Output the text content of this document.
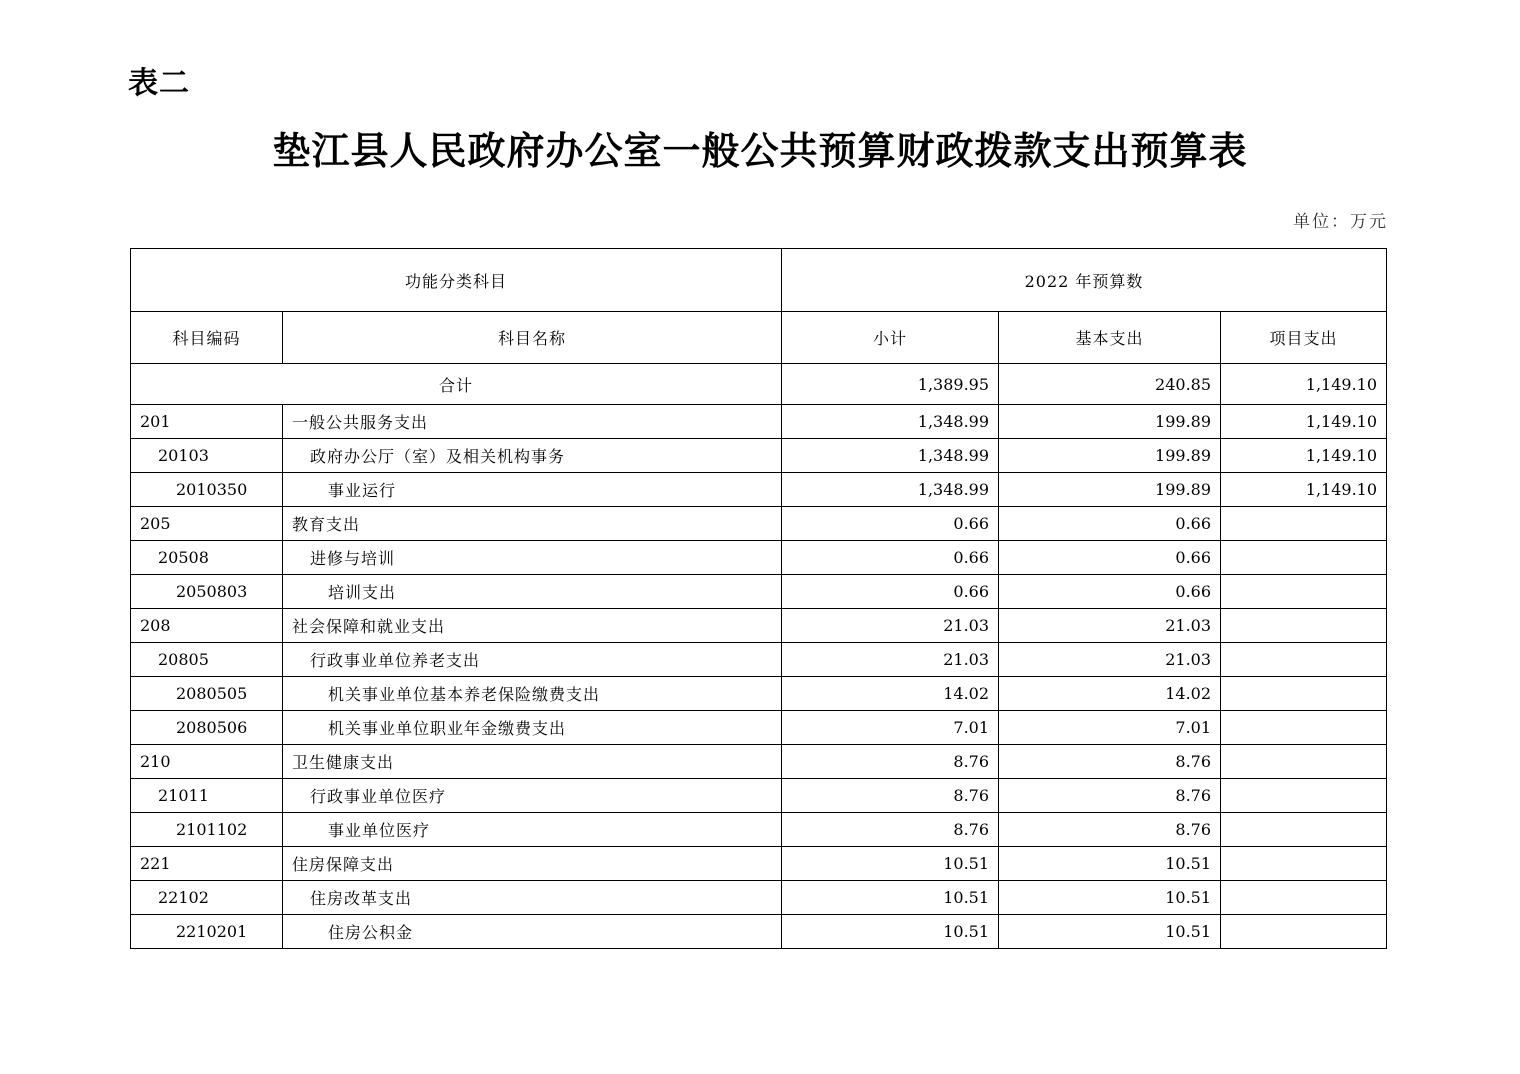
表二
垫江县人民政府办公室一般公共预算财政拨款支出预算表
单位：万元
功能分类科目		2022 年预算数		
科目编码	科目名称	小计	基本支出	项目支出
合计		1,389.95	240.85	1,149.10
201	一般公共服务支出	1,348.99	199.89	1,149.10
20103	政府办公厅（室）及相关机构事务	1,348.99	199.89	1,149.10
2010350	事业运行	1,348.99	199.89	1,149.10
205	教育支出	0.66	0.66	
20508	进修与培训	0.66	0.66	
2050803	培训支出	0.66	0.66	
208	社会保障和就业支出	21.03	21.03	
20805	行政事业单位养老支出	21.03	21.03	
2080505	机关事业单位基本养老保险缴费支出	14.02	14.02	
2080506	机关事业单位职业年金缴费支出	7.01	7.01	
210	卫生健康支出	8.76	8.76	
21011	行政事业单位医疗	8.76	8.76	
2101102	事业单位医疗	8.76	8.76	
221	住房保障支出	10.51	10.51	
22102	住房改革支出	10.51	10.51	
2210201	住房公积金	10.51	10.51	
